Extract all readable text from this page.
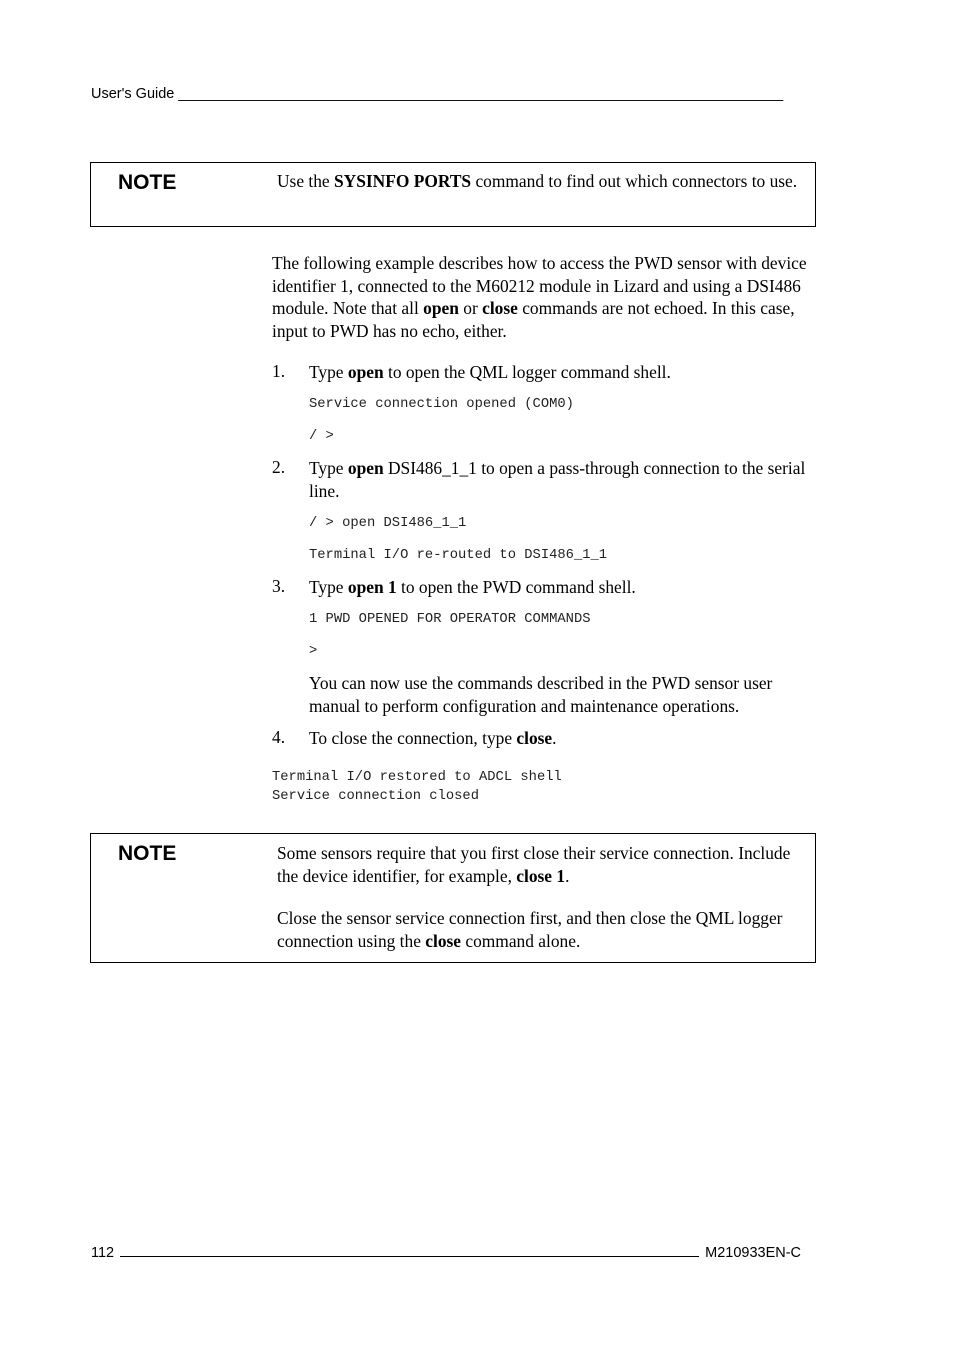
User's Guide ___________________________________________________________________________
NOTE	Use the SYSINFO PORTS command to find out which connectors to use.
The following example describes how to access the PWD sensor with device identifier 1, connected to the M60212 module in Lizard and using a DSI486 module. Note that all open or close commands are not echoed. In this case, input to PWD has no echo, either.
1. Type open to open the QML logger command shell.
Service connection opened (COM0)
/ >
2. Type open DSI486_1_1 to open a pass-through connection to the serial line.
/ > open DSI486_1_1
Terminal I/O re-routed to DSI486_1_1
3. Type open 1 to open the PWD command shell.
1 PWD OPENED FOR OPERATOR COMMANDS
>
You can now use the commands described in the PWD sensor user manual to perform configuration and maintenance operations.
4. To close the connection, type close.
Terminal I/O restored to ADCL shell
Service connection closed
NOTE	Some sensors require that you first close their service connection. Include the device identifier, for example, close 1.

Close the sensor service connection first, and then close the QML logger connection using the close command alone.

112	M210933EN-C
